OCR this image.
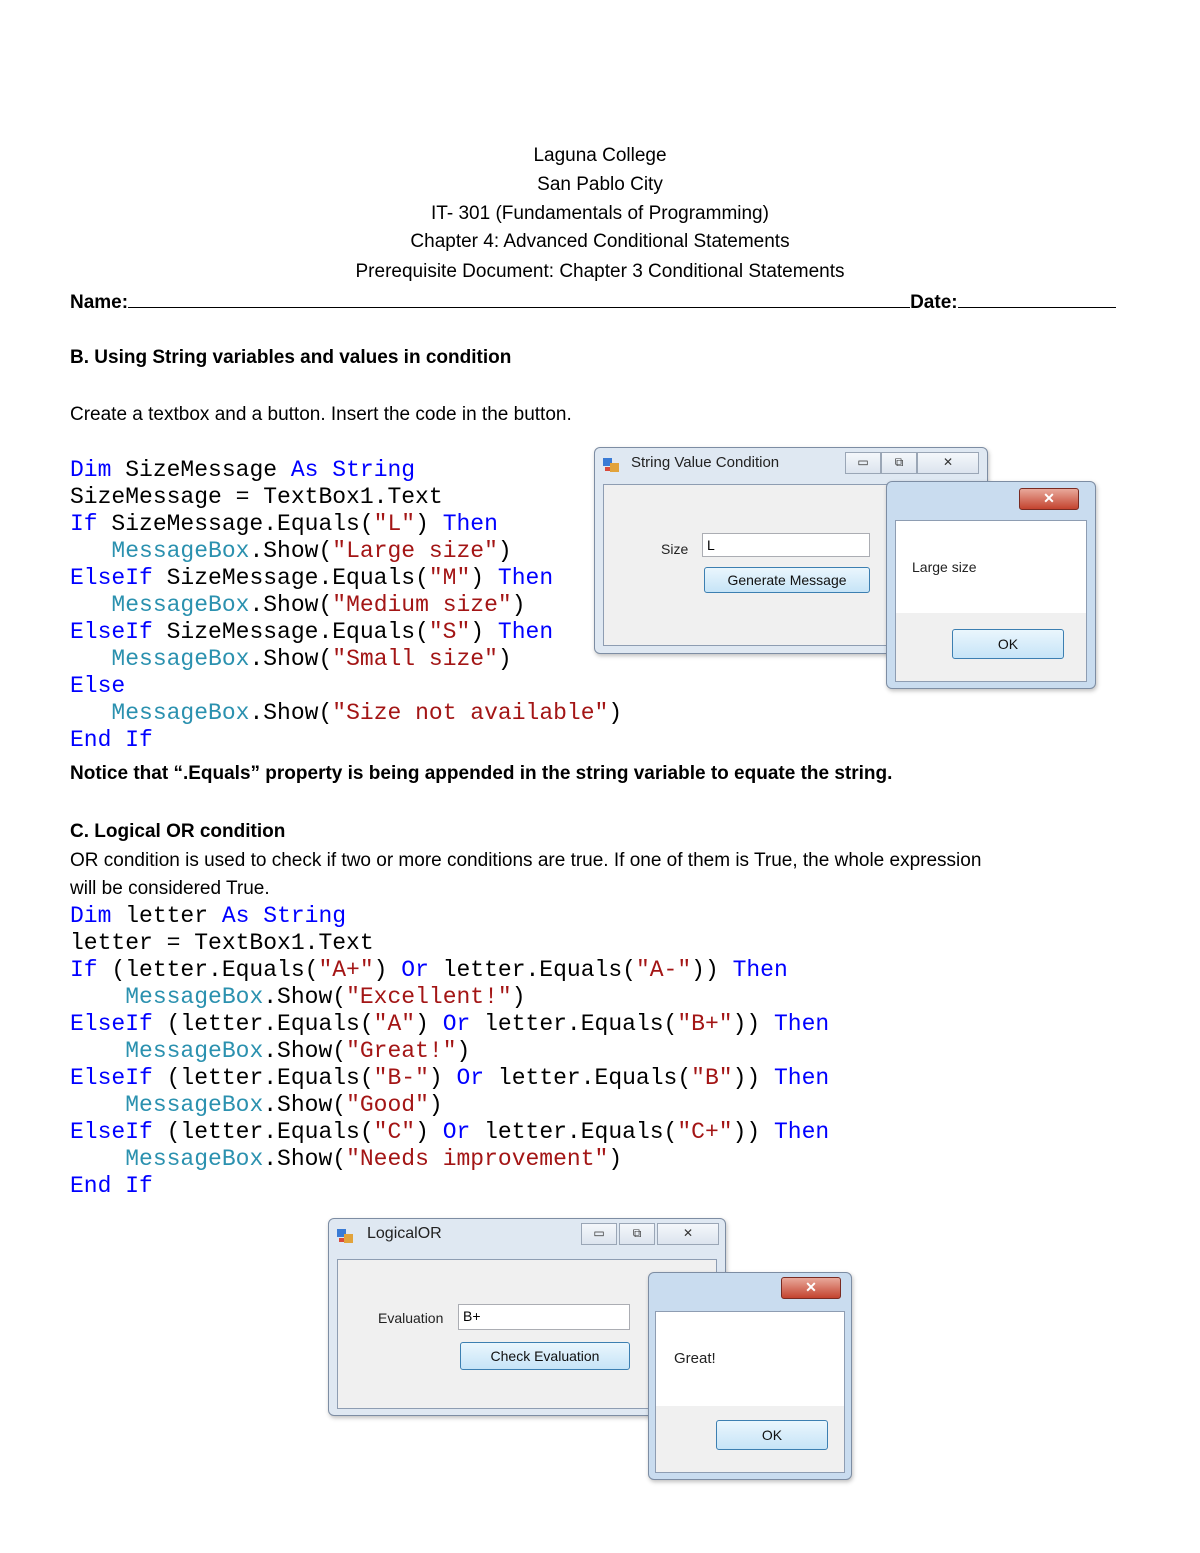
Laguna College
San Pablo City
IT- 301 (Fundamentals of Programming)
Chapter 4: Advanced Conditional Statements
Prerequisite Document: Chapter 3 Conditional Statements
Name:	Date:
B. Using String variables and values in condition
Create a textbox and a button. Insert the code in the button.
Dim SizeMessage As String
SizeMessage = TextBox1.Text
If SizeMessage.Equals("L") Then
MessageBox.Show("Large size")
ElseIf SizeMessage.Equals("M") Then
MessageBox.Show("Medium size")
ElseIf SizeMessage.Equals("S") Then
MessageBox.Show("Small size")
Else
MessageBox.Show("Size not available")
End If
Notice that “.Equals” property is being appended in the string variable to equate the string.
String Value Condition	▭	⧉	✕
Size	L
Generate Message
✕
Large size
OK
C. Logical OR condition
OR condition is used to check if two or more conditions are true. If one of them is True, the whole expression
will be considered True.
Dim letter As String
letter = TextBox1.Text
If (letter.Equals("A+") Or letter.Equals("A-")) Then
MessageBox.Show("Excellent!")
ElseIf (letter.Equals("A") Or letter.Equals("B+")) Then
MessageBox.Show("Great!")
ElseIf (letter.Equals("B-") Or letter.Equals("B")) Then
MessageBox.Show("Good")
ElseIf (letter.Equals("C") Or letter.Equals("C+")) Then
MessageBox.Show("Needs improvement")
End If
LogicalOR	▭	⧉	✕
Evaluation	B+
Check Evaluation
✕
Great!
OK
